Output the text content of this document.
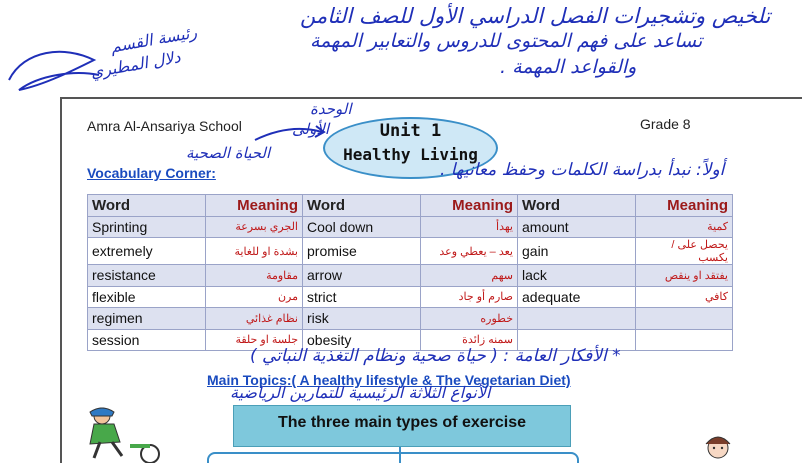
تلخيص وتشجيرات الفصل الدراسي الأول للصف الثامن
تساعد على فهم المحتوى للدروس والتعابير المهمة
والقواعد المهمة .
رئيسة القسم
دلال المطيري
Amra Al-Ansariya School	Grade 8
Unit 1
Healthy Living
الوحدة
الأولى
الحياة الصحية
Vocabulary Corner:	أولاً: نبدأ بدراسة الكلمات وحفظ معانيها .
Word	Meaning	Word	Meaning	Word	Meaning
Sprinting	الجري بسرعة	Cool down	يهدأ	amount	كمية
extremely	بشدة او للغاية	promise	يعد – يعطي وعد	gain	يحصل على / يكسب
resistance	مقاومة	arrow	سهم	lack	يفتقد او ينقص
flexible	مرن	strict	صارم أو جاد	adequate	كافي
regimen	نظام غذائي	risk	خطوره		
session	جلسة او حلقة	obesity	سمنه زائدة		
* الأفكار العامة : ( حياة صحية ونظام التغذية النباتي )
Main Topics:( A healthy lifestyle & The Vegetarian Diet)
الأنواع الثلاثة الرئيسية للتمارين الرياضية
The three main types of exercise
